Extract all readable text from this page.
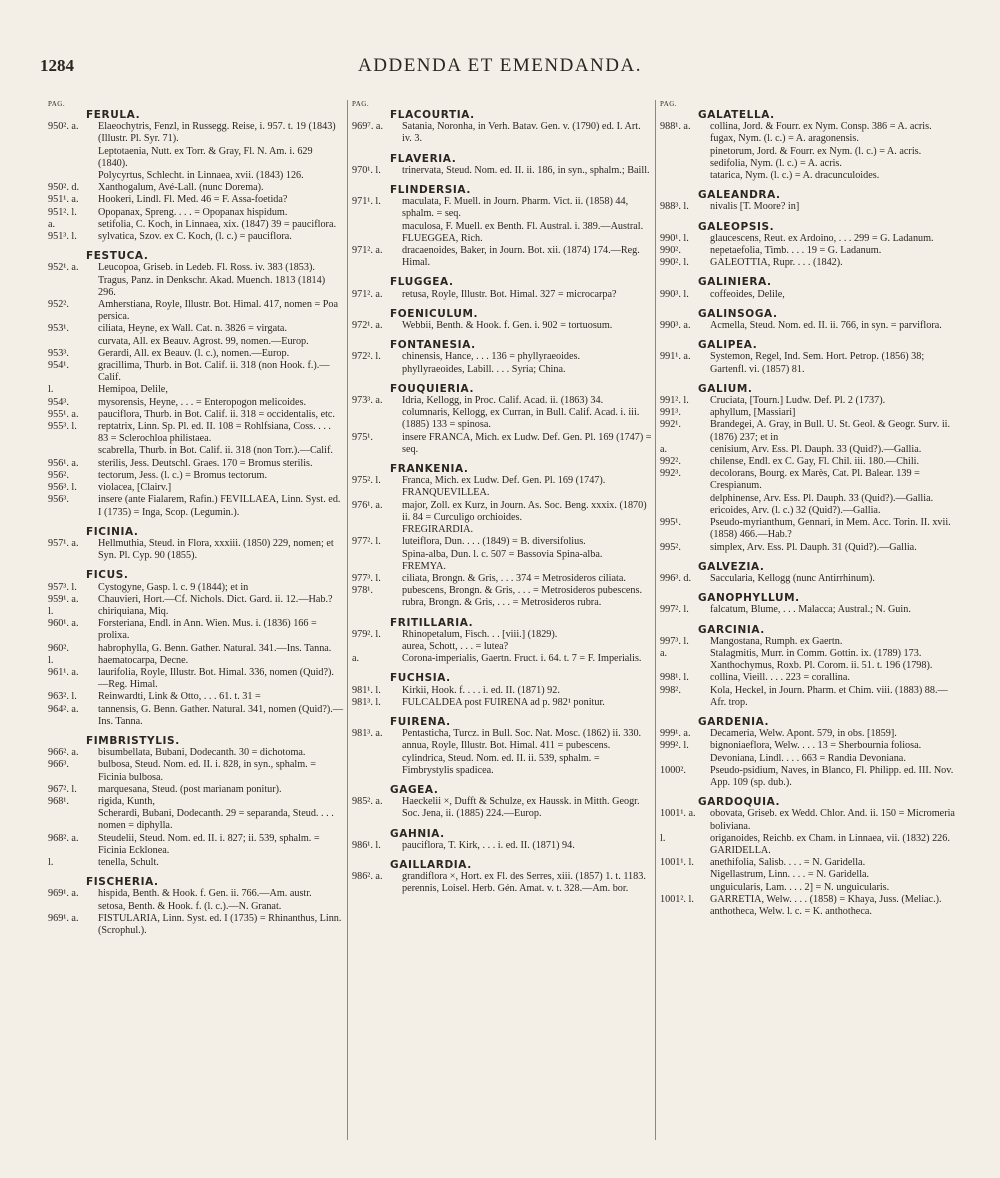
1284	ADDENDA ET EMENDANDA.
PAG.
FERULA.
950². a. Elaeochytris, Fenzl, in Russegg. Reise, i. 957. t. 19 (1843) (Illustr. Pl. Syr. 71).
Leptotaenia, Nutt. ex Torr. & Gray, Fl. N. Am. i. 629 (1840).
Polycyrtus, Schlecht. in Linnaea, xvii. (1843) 126.
950². d. Xanthogalum, Avé-Lall. (nunc Dorema).
951¹. a. Hookeri, Lindl. Fl. Med. 46 = F. Assa-foetida?
951². l. Opopanax, Spreng. . . . = Opopanax hispidum.
a.	setifolia, C. Koch, in Linnaea, xix. (1847) 39 = pauciflora.
951³. l. sylvatica, Szov. ex C. Koch, (l. c.) = pauciflora.
FESTUCA.
952¹. a. Leucopoa, Griseb. in Ledeb. Fl. Ross. iv. 383 (1853).
Tragus, Panz. in Denkschr. Akad. Muench. 1813 (1814) 296.
952².	Amherstiana, Royle, Illustr. Bot. Himal. 417, nomen = Poa persica.
953¹.	ciliata, Heyne, ex Wall. Cat. n. 3826 = virgata.
curvata, All. ex Beauv. Agrost. 99, nomen.—Europ.
953³.	Gerardi, All. ex Beauv. (l. c.), nomen.—Europ.
954¹.	gracillima, Thurb. in Bot. Calif. ii. 318 (non Hook. f.).—Calif.
l.	Hemipoa, Delile,
954³.	mysorensis, Heyne, . . . = Enteropogon melicoides.
955¹. a. pauciflora, Thurb. in Bot. Calif. ii. 318 = occidentalis, etc.
955³. l. reptatrix, Linn. Sp. Pl. ed. II. 108 = Rohlfsiana, Coss. . . . 83 = Sclerochloa philistaea.
scabrella, Thurb. in Bot. Calif. ii. 318 (non Torr.).—Calif.
956¹. a. sterilis, Jess. Deutschl. Graes. 170 = Bromus sterilis.
956².	tectorum, Jess. (l. c.) = Bromus tectorum.
956³. l. violacea, [Clairv.]
956³.	insere (ante Fialarem, Rafin.) FEVILLAEA, Linn. Syst. ed. I (1735) = Inga, Scop. (Legumin.).
FICINIA.
957¹. a. Hellmuthia, Steud. in Flora, xxxiii. (1850) 229, nomen; et Syn. Pl. Cyp. 90 (1855).
FICUS.
957³. l. Cystogyne, Gasp. l. c. 9 (1844); et in
959¹. a. Chauvieri, Hort.—Cf. Nichols. Dict. Gard. ii. 12.—Hab.?
l.	chiriquiana, Miq.
960¹. a. Forsteriana, Endl. in Ann. Wien. Mus. i. (1836) 166 = prolixa.
960².	habrophylla, G. Benn. Gather. Natural. 341.—Ins. Tanna.
l.	haematocarpa, Decne.
961¹. a. laurifolia, Royle, Illustr. Bot. Himal. 336, nomen (Quid?).—Reg. Himal.
963². l. Reinwardti, Link & Otto, . . . 61. t. 31 =
964². a. tannensis, G. Benn. Gather. Natural. 341, nomen (Quid?).—Ins. Tanna.
FIMBRISTYLIS.
966². a. bisumbellata, Bubani, Dodecanth. 30 = dichotoma.
966³.	bulbosa, Steud. Nom. ed. II. i. 828, in syn., sphalm. = Ficinia bulbosa.
967². l. marquesana, Steud. (post marianam ponitur).
968¹.	rigida, Kunth,
Scherardi, Bubani, Dodecanth. 29 = separanda, Steud. . . . nomen = diphylla.
968². a. Steudelii, Steud. Nom. ed. II. i. 827; ii. 539, sphalm. = Ficinia Ecklonea.
l.	tenella, Schult.
FISCHERIA.
969¹. a. hispida, Benth. & Hook. f. Gen. ii. 766.—Am. austr.
setosa, Benth. & Hook. f. (l. c.).—N. Granat.
969¹. a. FISTULARIA, Linn. Syst. ed. I (1735) = Rhinanthus, Linn. (Scrophul.).
PAG.
FLACOURTIA.
969⁷. a. Satania, Noronha, in Verh. Batav. Gen. v. (1790) ed. I. Art. iv. 3.
FLAVERIA.
970¹. l. trinervata, Steud. Nom. ed. II. ii. 186, in syn., sphalm.; Baill.
FLINDERSIA.
971¹. l. maculata, F. Muell. in Journ. Pharm. Vict. ii. (1858) 44, sphalm. = seq.
maculosa, F. Muell. ex Benth. Fl. Austral. i. 389.—Austral.
FLUEGGEA, Rich.
971². a. dracaenoides, Baker, in Journ. Bot. xii. (1874) 174.—Reg. Himal.
FLUGGEA.
971². a. retusa, Royle, Illustr. Bot. Himal. 327 = microcarpa?
FOENICULUM.
972¹. a. Webbii, Benth. & Hook. f. Gen. i. 902 = tortuosum.
FONTANESIA.
972². l. chinensis, Hance, . . . 136 = phyllyraeoides.
phyllyraeoides, Labill. . . . Syria; China.
FOUQUIERIA.
973³. a. Idria, Kellogg, in Proc. Calif. Acad. ii. (1863) 34.
columnaris, Kellogg, ex Curran, in Bull. Calif. Acad. i. iii. (1885) 133 = spinosa.
975¹.	insere FRANCA, Mich. ex Ludw. Def. Gen. Pl. 169 (1747) = seq.
FRANKENIA.
975². l. Franca, Mich. ex Ludw. Def. Gen. Pl. 169 (1747).
FRANQUEVILLEA.
976¹. a. major, Zoll. ex Kurz, in Journ. As. Soc. Beng. xxxix. (1870) ii. 84 = Curculigo orchioides.
FREGIRARDIA.
977². l. luteiflora, Dun. . . . (1849) = B. diversifolius.
Spina-alba, Dun. l. c. 507 = Bassovia Spina-alba.
FREMYA.
977³. l. ciliata, Brongn. & Gris, . . . 374 = Metrosideros ciliata.
978¹.	pubescens, Brongn. & Gris, . . . = Metrosideros pubescens.
rubra, Brongn. & Gris, . . . = Metrosideros rubra.
FRITILLARIA.
979². l. Rhinopetalum, Fisch. . . [viii.] (1829).
aurea, Schott, . . . = lutea?
a.	Corona-imperialis, Gaertn. Fruct. i. 64. t. 7 = F. Imperialis.
FUCHSIA.
981¹. l. Kirkii, Hook. f. . . . i. ed. II. (1871) 92.
981³. l. FULCALDEA post FUIRENA ad p. 982¹ ponitur.
FUIRENA.
981³. a. Pentasticha, Turcz. in Bull. Soc. Nat. Mosc. (1862) ii. 330.
annua, Royle, Illustr. Bot. Himal. 411 = pubescens.
cylindrica, Steud. Nom. ed. II. ii. 539, sphalm. = Fimbrystylis spadicea.
GAGEA.
985². a. Haeckelii ×, Dufft & Schulze, ex Haussk. in Mitth. Geogr. Soc. Jena, ii. (1885) 224.—Europ.
GAHNIA.
986¹. l. pauciflora, T. Kirk, . . . i. ed. II. (1871) 94.
GAILLARDIA.
986². a. grandiflora ×, Hort. ex Fl. des Serres, xiii. (1857) 1. t. 1183.
perennis, Loisel. Herb. Gén. Amat. v. t. 328.—Am. bor.
PAG.
GALATELLA.
988¹. a. collina, Jord. & Fourr. ex Nym. Consp. 386 = A. acris.
fugax, Nym. (l. c.) = A. aragonensis.
pinetorum, Jord. & Fourr. ex Nym. (l. c.) = A. acris.
sedifolia, Nym. (l. c.) = A. acris.
tatarica, Nym. (l. c.) = A. dracunculoides.
GALEANDRA.
988³. l. nivalis [T. Moore? in]
GALEOPSIS.
990¹. l. glaucescens, Reut. ex Ardoino, . . . 299 = G. Ladanum.
990².	nepetaefolia, Timb. . . . 19 = G. Ladanum.
990². l. GALEOTTIA, Rupr. . . . (1842).
GALINIERA.
990³. l. coffeoides, Delile,
GALINSOGA.
990³. a. Acmella, Steud. Nom. ed. II. ii. 766, in syn. = parviflora.
GALIPEA.
991¹. a. Systemon, Regel, Ind. Sem. Hort. Petrop. (1856) 38; Gartenfl. vi. (1857) 81.
GALIUM.
991². l. Cruciata, [Tourn.] Ludw. Def. Pl. 2 (1737).
991³.	aphyllum, [Massiari]
992¹.	Brandegei, A. Gray, in Bull. U. St. Geol. & Geogr. Surv. ii. (1876) 237; et in
a.	cenisium, Arv. Ess. Pl. Dauph. 33 (Quid?).—Gallia.
992².	chilense, Endl. ex C. Gay, Fl. Chil. iii. 180.—Chili.
992³.	decolorans, Bourg. ex Marès, Cat. Pl. Balear. 139 = Crespianum.
delphinense, Arv. Ess. Pl. Dauph. 33 (Quid?).—Gallia.
ericoides, Arv. (l. c.) 32 (Quid?).—Gallia.
995¹.	Pseudo-myrianthum, Gennari, in Mem. Acc. Torin. II. xvii. (1858) 466.—Hab.?
995².	simplex, Arv. Ess. Pl. Dauph. 31 (Quid?).—Gallia.
GALVEZIA.
996³. d. Saccularia, Kellogg (nunc Antirrhinum).
GANOPHYLLUM.
997². l. falcatum, Blume, . . . Malacca; Austral.; N. Guin.
GARCINIA.
997³. l. Mangostana, Rumph. ex Gaertn.
a.	Stalagmitis, Murr. in Comm. Gottin. ix. (1789) 173.
Xanthochymus, Roxb. Pl. Corom. ii. 51. t. 196 (1798).
998¹. l. collina, Vieill. . . . 223 = corallina.
998².	Kola, Heckel, in Journ. Pharm. et Chim. viii. (1883) 88.—Afr. trop.
GARDENIA.
999¹. a. Decameria, Welw. Apont. 579, in obs. [1859].
999². l. bignoniaeflora, Welw. . . . 13 = Sherbournia foliosa.
Devoniana, Lindl. . . . 663 = Randia Devoniana.
1000².Pseudo-psidium, Naves, in Blanco, Fl. Philipp. ed. III. Nov. App. 109 (sp. dub.).
GARDOQUIA.
1001¹. a. obovata, Griseb. ex Wedd. Chlor. And. ii. 150 = Micromeria boliviana.
l.	origanoides, Reichb. ex Cham. in Linnaea, vii. (1832) 226.
GARIDELLA.
1001¹. l. anethifolia, Salisb. . . . = N. Garidella.
Nigellastrum, Linn. . . . = N. Garidella.
unguicularis, Lam. . . . 2] = N. unguicularis.
1001². l. GARRETIA, Welw. . . . (1858) = Khaya, Juss. (Meliac.).
anthotheca, Welw. l. c. = K. anthotheca.
